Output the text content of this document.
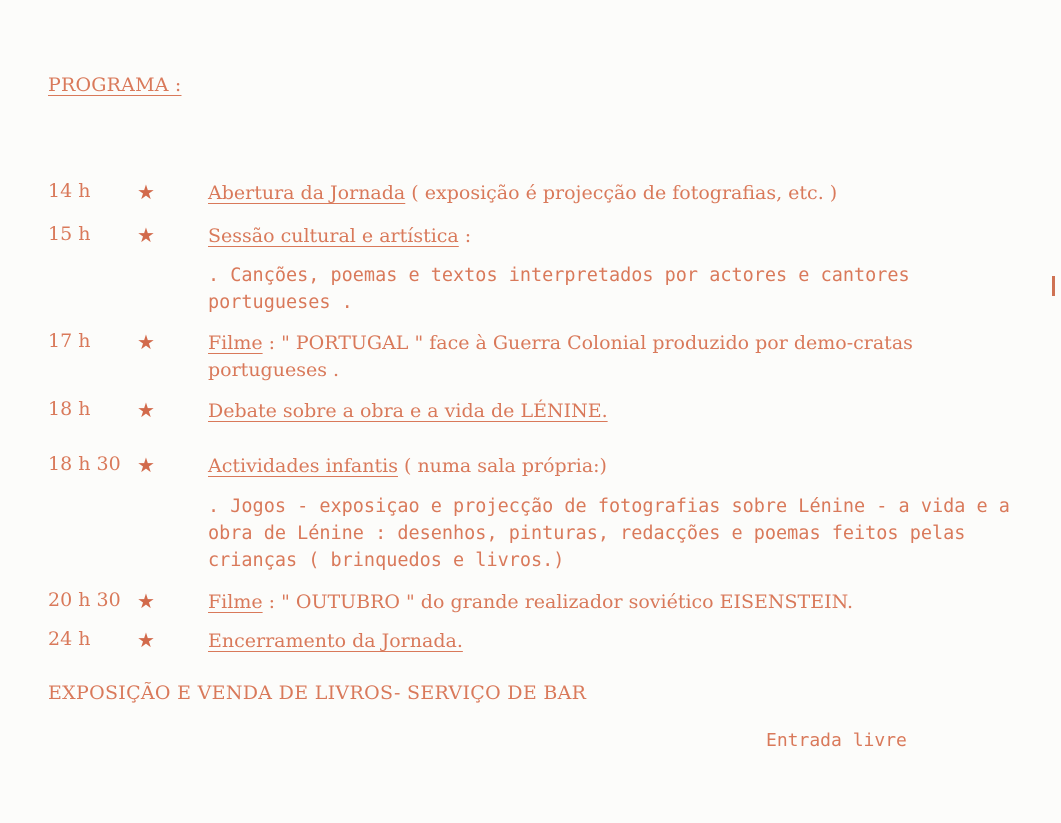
PROGRAMA :
14 h ★	Abertura da Jornada ( exposição é projecção de fotografias, etc. )
15 h ★	Sessão cultural e artística :
. Canções, poemas e textos interpretados por actores e cantores portugueses .
17 h ★	Filme : " PORTUGAL " face à Guerra Colonial produzido por demo-cratas portugueses .
18 h ★	Debate sobre a obra e a vida de LÉNINE.
18 h 30 ★	Actividades infantis ( numa sala própria:)
. Jogos - exposiçao e projecção de fotografias sobre Lénine - a vida e a obra de Lénine : desenhos, pinturas, redacções e poemas feitos pelas crianças ( brinquedos e livros.)
20 h 30 ★	Filme : " OUTUBRO " do grande realizador soviético EISENSTEIN.
24 h ★	Encerramento da Jornada.
EXPOSIÇÃO E VENDA DE LIVROS- SERVIÇO DE BAR
Entrada livre
